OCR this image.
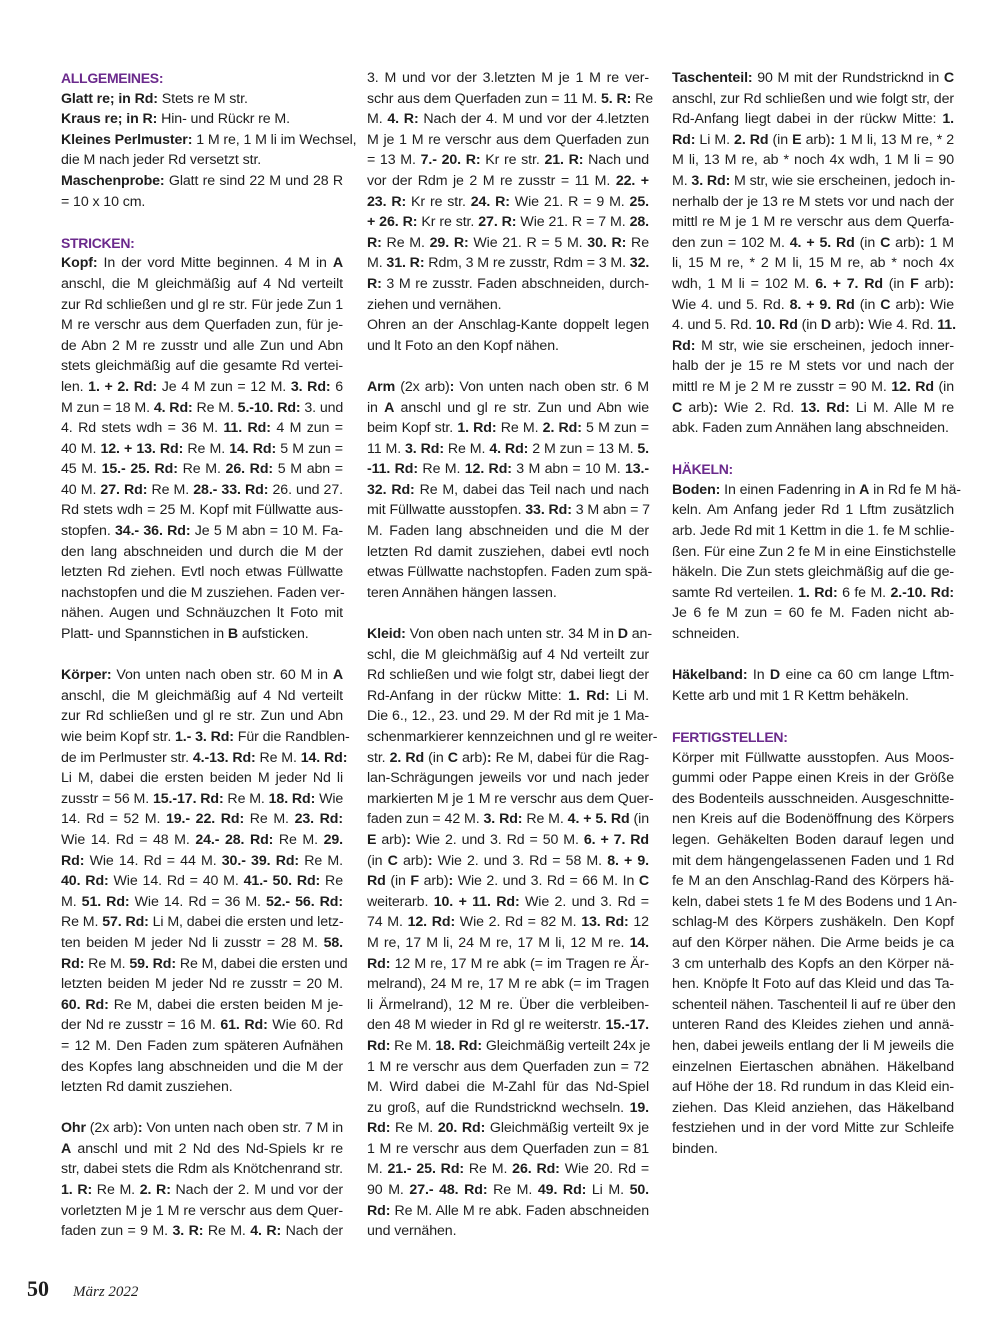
ALLGEMEINES:
Glatt re; in Rd: Stets re M str.
Kraus re; in R: Hin- und Rückr re M.
Kleines Perlmuster: 1 M re, 1 M li im Wechsel,
die M nach jeder Rd versetzt str.
Maschenprobe: Glatt re sind 22 M und 28 R
= 10 x 10 cm.
STRICKEN:
Kopf: In der vord Mitte beginnen. 4 M in A
anschl, die M gleichmäßig auf 4 Nd verteilt
zur Rd schließen und gl re str. Für jede Zun 1
M re verschr aus dem Querfaden zun, für je-
de Abn 2 M re zusstr und alle Zun und Abn
stets gleichmäßig auf die gesamte Rd vertei-
len. 1. + 2. Rd: Je 4 M zun = 12 M. 3. Rd: 6
M zun = 18 M. 4. Rd: Re M. 5.-10. Rd: 3. und
4. Rd stets wdh = 36 M. 11. Rd: 4 M zun =
40 M. 12. + 13. Rd: Re M. 14. Rd: 5 M zun =
45 M. 15.- 25. Rd: Re M. 26. Rd: 5 M abn =
40 M. 27. Rd: Re M. 28.- 33. Rd: 26. und 27.
Rd stets wdh = 25 M. Kopf mit Füllwatte aus-
stopfen. 34.- 36. Rd: Je 5 M abn = 10 M. Fa-
den lang abschneiden und durch die M der
letzten Rd ziehen. Evtl noch etwas Füllwatte
nachstopfen und die M zusziehen. Faden ver-
nähen. Augen und Schnäuzchen lt Foto mit
Platt- und Spannstichen in B aufsticken.
Körper: Von unten nach oben str. 60 M in A
anschl, die M gleichmäßig auf 4 Nd verteilt
zur Rd schließen und gl re str. Zun und Abn
wie beim Kopf str. 1.- 3. Rd: Für die Randblen-
de im Perlmuster str. 4.-13. Rd: Re M. 14. Rd:
Li M, dabei die ersten beiden M jeder Nd li
zusstr = 56 M. 15.-17. Rd: Re M. 18. Rd: Wie
14. Rd = 52 M. 19.- 22. Rd: Re M. 23. Rd:
Wie 14. Rd = 48 M. 24.- 28. Rd: Re M. 29.
Rd: Wie 14. Rd = 44 M. 30.- 39. Rd: Re M.
40. Rd: Wie 14. Rd = 40 M. 41.- 50. Rd: Re
M. 51. Rd: Wie 14. Rd = 36 M. 52.- 56. Rd:
Re M. 57. Rd: Li M, dabei die ersten und letz-
ten beiden M jeder Nd li zusstr = 28 M. 58.
Rd: Re M. 59. Rd: Re M, dabei die ersten und
letzten beiden M jeder Nd re zusstr = 20 M.
60. Rd: Re M, dabei die ersten beiden M je-
der Nd re zusstr = 16 M. 61. Rd: Wie 60. Rd
= 12 M. Den Faden zum späteren Aufnähen
des Kopfes lang abschneiden und die M der
letzten Rd damit zusziehen.
Ohr (2x arb): Von unten nach oben str. 7 M in
A anschl und mit 2 Nd des Nd-Spiels kr re
str, dabei stets die Rdm als Knötchenrand str.
1. R: Re M. 2. R: Nach der 2. M und vor der
vorletzten M je 1 M re verschr aus dem Quer-
faden zun = 9 M. 3. R: Re M. 4. R: Nach der
3. M und vor der 3.letzten M je 1 M re ver-
schr aus dem Querfaden zun = 11 M. 5. R: Re
M. 4. R: Nach der 4. M und vor der 4.letzten
M je 1 M re verschr aus dem Querfaden zun
= 13 M. 7.- 20. R: Kr re str. 21. R: Nach und
vor der Rdm je 2 M re zusstr = 11 M. 22. +
23. R: Kr re str. 24. R: Wie 21. R = 9 M. 25.
+ 26. R: Kr re str. 27. R: Wie 21. R = 7 M. 28.
R: Re M. 29. R: Wie 21. R = 5 M. 30. R: Re
M. 31. R: Rdm, 3 M re zusstr, Rdm = 3 M. 32.
R: 3 M re zusstr. Faden abschneiden, durch-
ziehen und vernähen.
Ohren an der Anschlag-Kante doppelt legen
und lt Foto an den Kopf nähen.
Arm (2x arb): Von unten nach oben str. 6 M
in A anschl und gl re str. Zun und Abn wie
beim Kopf str. 1. Rd: Re M. 2. Rd: 5 M zun =
11 M. 3. Rd: Re M. 4. Rd: 2 M zun = 13 M. 5.
-11. Rd: Re M. 12. Rd: 3 M abn = 10 M. 13.-
32. Rd: Re M, dabei das Teil nach und nach
mit Füllwatte ausstopfen. 33. Rd: 3 M abn = 7
M. Faden lang abschneiden und die M der
letzten Rd damit zusziehen, dabei evtl noch
etwas Füllwatte nachstopfen. Faden zum spä-
teren Annähen hängen lassen.
Kleid: Von oben nach unten str. 34 M in D an-
schl, die M gleichmäßig auf 4 Nd verteilt zur
Rd schließen und wie folgt str, dabei liegt der
Rd-Anfang in der rückw Mitte: 1. Rd: Li M.
Die 6., 12., 23. und 29. M der Rd mit je 1 Ma-
schenmarkierer kennzeichnen und gl re weiter-
str. 2. Rd (in C arb): Re M, dabei für die Rag-
lan-Schrägungen jeweils vor und nach jeder
markierten M je 1 M re verschr aus dem Quer-
faden zun = 42 M. 3. Rd: Re M. 4. + 5. Rd (in
E arb): Wie 2. und 3. Rd = 50 M. 6. + 7. Rd
(in C arb): Wie 2. und 3. Rd = 58 M. 8. + 9.
Rd (in F arb): Wie 2. und 3. Rd = 66 M. In C
weiterarb. 10. + 11. Rd: Wie 2. und 3. Rd =
74 M. 12. Rd: Wie 2. Rd = 82 M. 13. Rd: 12
M re, 17 M li, 24 M re, 17 M li, 12 M re. 14.
Rd: 12 M re, 17 M re abk (= im Tragen re Är-
melrand), 24 M re, 17 M re abk (= im Tragen
li Ärmelrand), 12 M re. Über die verbleiben-
den 48 M wieder in Rd gl re weiterstr. 15.-17.
Rd: Re M. 18. Rd: Gleichmäßig verteilt 24x je
1 M re verschr aus dem Querfaden zun = 72
M. Wird dabei die M-Zahl für das Nd-Spiel
zu groß, auf die Rundstricknd wechseln. 19.
Rd: Re M. 20. Rd: Gleichmäßig verteilt 9x je
1 M re verschr aus dem Querfaden zun = 81
M. 21.- 25. Rd: Re M. 26. Rd: Wie 20. Rd =
90 M. 27.- 48. Rd: Re M. 49. Rd: Li M. 50.
Rd: Re M. Alle M re abk. Faden abschneiden
und vernähen.
Taschenteil: 90 M mit der Rundstricknd in C
anschl, zur Rd schließen und wie folgt str, der
Rd-Anfang liegt dabei in der rückw Mitte: 1.
Rd: Li M. 2. Rd (in E arb): 1 M li, 13 M re, * 2
M li, 13 M re, ab * noch 4x wdh, 1 M li = 90
M. 3. Rd: M str, wie sie erscheinen, jedoch in-
nerhalb der je 13 re M stets vor und nach der
mittl re M je 1 M re verschr aus dem Querfa-
den zun = 102 M. 4. + 5. Rd (in C arb): 1 M
li, 15 M re, * 2 M li, 15 M re, ab * noch 4x
wdh, 1 M li = 102 M. 6. + 7. Rd (in F arb):
Wie 4. und 5. Rd. 8. + 9. Rd (in C arb): Wie
4. und 5. Rd. 10. Rd (in D arb): Wie 4. Rd. 11.
Rd: M str, wie sie erscheinen, jedoch inner-
halb der je 15 re M stets vor und nach der
mittl re M je 2 M re zusstr = 90 M. 12. Rd (in
C arb): Wie 2. Rd. 13. Rd: Li M. Alle M re
abk. Faden zum Annähen lang abschneiden.
HÄKELN:
Boden: In einen Fadenring in A in Rd fe M hä-
keln. Am Anfang jeder Rd 1 Lftm zusätzlich
arb. Jede Rd mit 1 Kettm in die 1. fe M schlie-
ßen. Für eine Zun 2 fe M in eine Einstichstelle
häkeln. Die Zun stets gleichmäßig auf die ge-
samte Rd verteilen. 1. Rd: 6 fe M. 2.-10. Rd:
Je 6 fe M zun = 60 fe M. Faden nicht ab-
schneiden.
Häkelband: In D eine ca 60 cm lange Lftm-
Kette arb und mit 1 R Kettm behäkeln.
FERTIGSTELLEN:
Körper mit Füllwatte ausstopfen. Aus Moos-
gummi oder Pappe einen Kreis in der Größe
des Bodenteils ausschneiden. Ausgeschnitte-
nen Kreis auf die Bodenöffnung des Körpers
legen. Gehäkelten Boden darauf legen und
mit dem hängengelassenen Faden und 1 Rd
fe M an den Anschlag-Rand des Körpers hä-
keln, dabei stets 1 fe M des Bodens und 1 An-
schlag-M des Körpers zushäkeln. Den Kopf
auf den Körper nähen. Die Arme beids je ca
3 cm unterhalb des Kopfs an den Körper nä-
hen. Knöpfe lt Foto auf das Kleid und das Ta-
schenteil nähen. Taschenteil li auf re über den
unteren Rand des Kleides ziehen und annä-
hen, dabei jeweils entlang der li M jeweils die
einzelnen Eiertaschen abnähen. Häkelband
auf Höhe der 18. Rd rundum in das Kleid ein-
ziehen. Das Kleid anziehen, das Häkelband
festziehen und in der vord Mitte zur Schleife
binden.
50 März 2022
